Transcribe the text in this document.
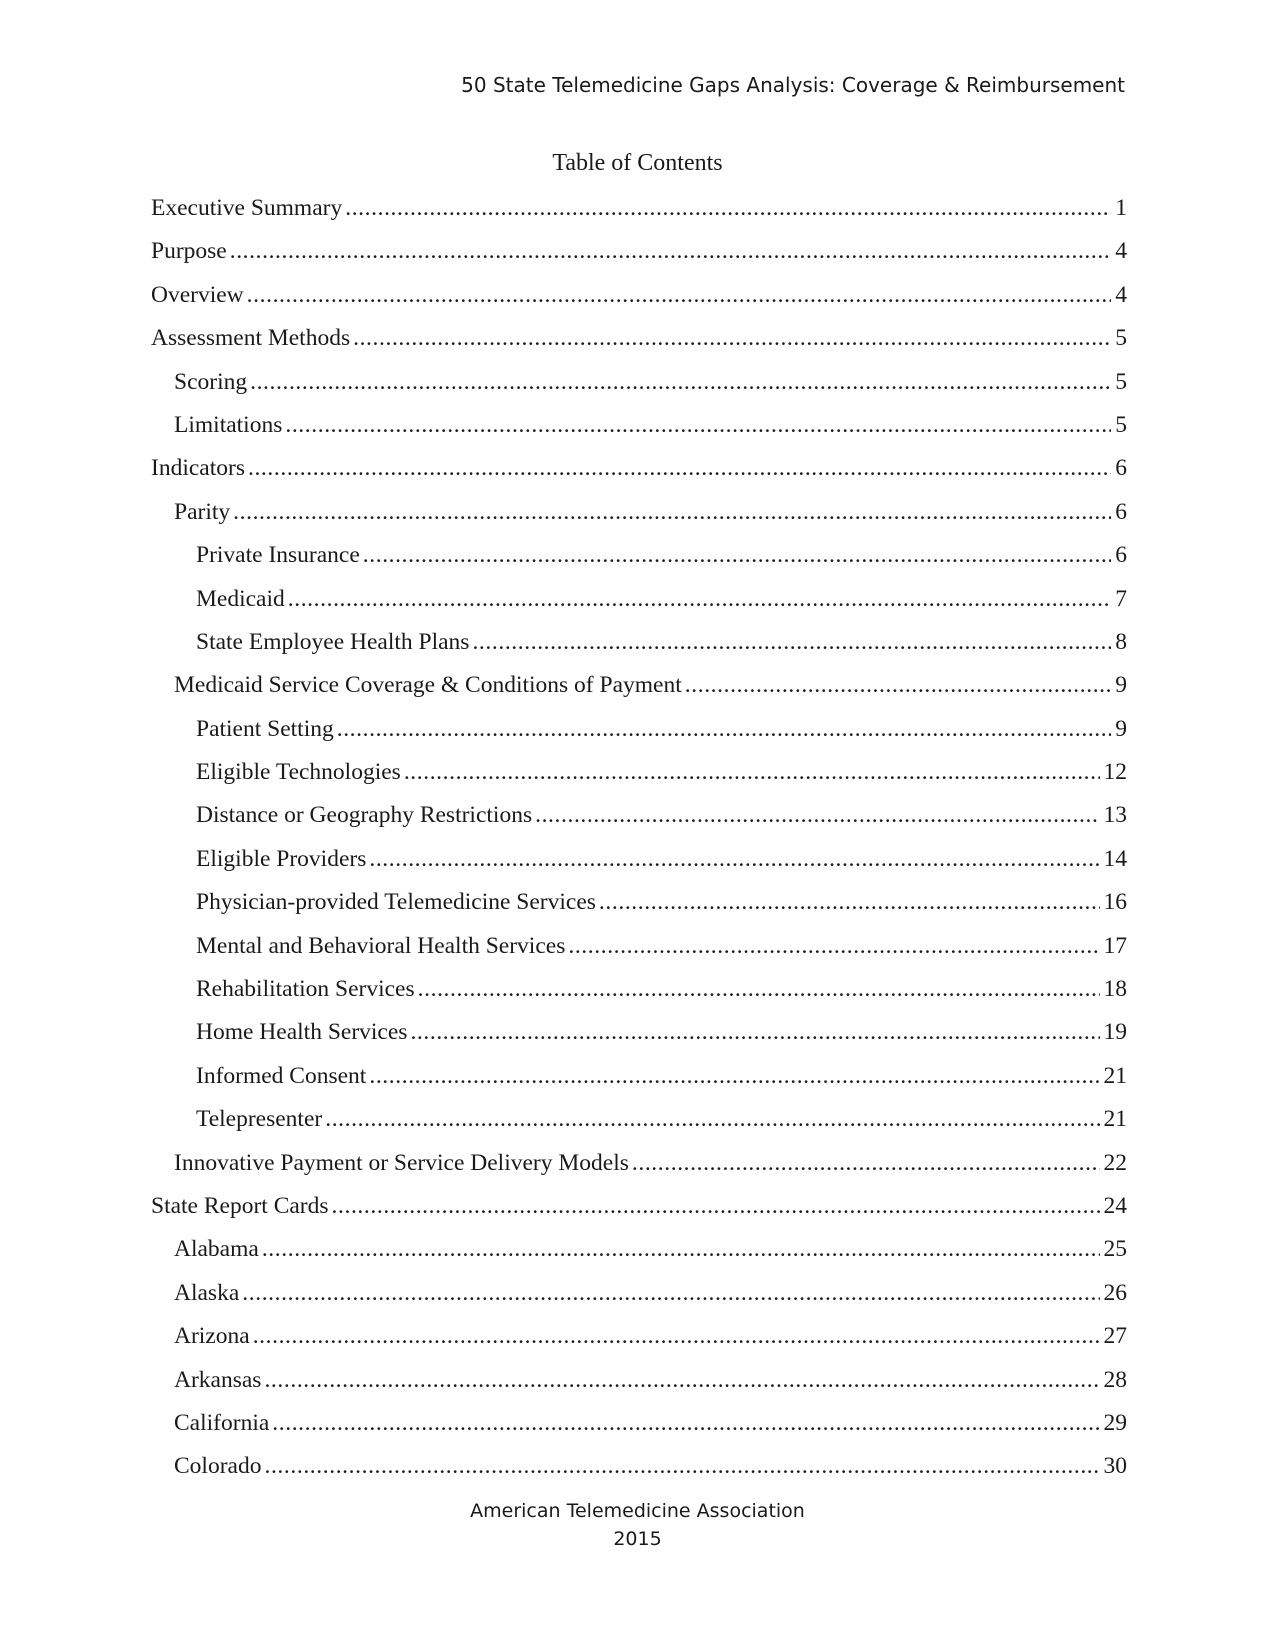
50 State Telemedicine Gaps Analysis: Coverage & Reimbursement
Table of Contents
Executive Summary .....	1
Purpose .....	4
Overview .....	4
Assessment Methods .....	5
Scoring .....	5
Limitations .....	5
Indicators .....	6
Parity .....	6
Private Insurance .....	6
Medicaid .....	7
State Employee Health Plans .....	8
Medicaid Service Coverage & Conditions of Payment .....	9
Patient Setting .....	9
Eligible Technologies .....	12
Distance or Geography Restrictions .....	13
Eligible Providers .....	14
Physician-provided Telemedicine Services .....	16
Mental and Behavioral Health Services .....	17
Rehabilitation Services .....	18
Home Health Services .....	19
Informed Consent .....	21
Telepresenter .....	21
Innovative Payment or Service Delivery Models .....	22
State Report Cards .....	24
Alabama .....	25
Alaska .....	26
Arizona .....	27
Arkansas .....	28
California .....	29
Colorado .....	30
American Telemedicine Association
2015
